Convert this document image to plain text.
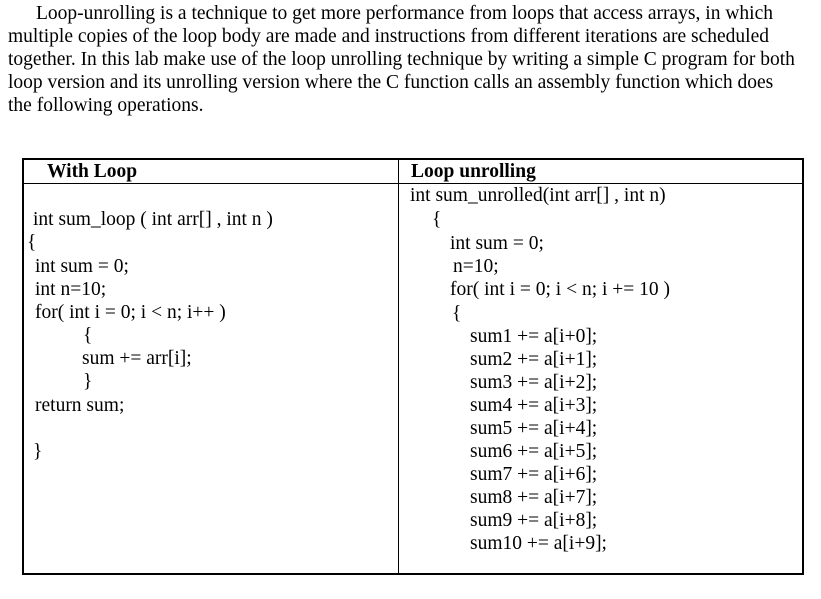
Loop-unrolling is a technique to get more performance from loops that access arrays, in which
multiple copies of the loop body are made and instructions from different iterations are scheduled
together. In this lab make use of the loop unrolling technique by writing a simple C program for both
loop version and its unrolling version where the C function calls an assembly function which does
the following operations.
With Loop
int sum_loop ( int arr[] , int n )
{
int sum = 0;
int n=10;
for( int i = 0; i < n; i++ )
{
sum += arr[i];
}
return sum;
}
Loop unrolling
int sum_unrolled(int arr[] , int n)
{
int sum = 0;
n=10;
for( int i = 0; i < n; i += 10 )
{
sum1 += a[i+0];
sum2 += a[i+1];
sum3 += a[i+2];
sum4 += a[i+3];
sum5 += a[i+4];
sum6 += a[i+5];
sum7 += a[i+6];
sum8 += a[i+7];
sum9 += a[i+8];
sum10 += a[i+9];
